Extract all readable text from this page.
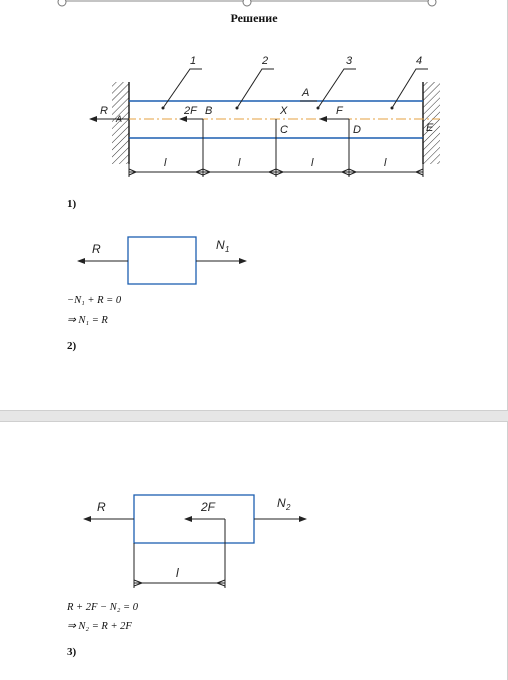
Решение
1	2	3	4
R
A
2F B	X
A
F
C	D	E
l	l	l	l
1)
R	N 1
−N₁ + R = 0
⇒ N₁ = R
2)
R	2F	N 2
l
R + 2F − N₂ = 0
⇒ N₂ = R + 2F
3)
